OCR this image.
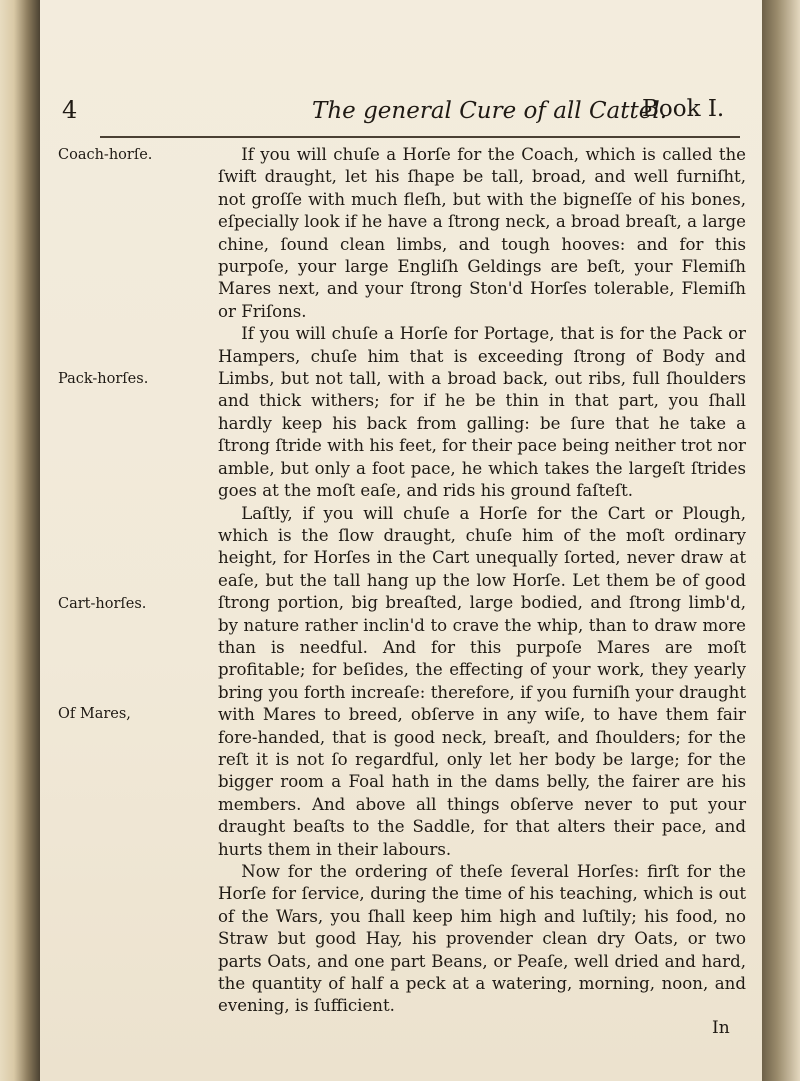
4	The general Cure of all Cattel.
Book I.
Coach-horſe.
Pack-horſes.
Cart-horſes.
Of Mares,

If you will chuſe a Horſe for the Coach, which is called the ſwift draught, let his ſhape be tall, broad, and well furniſht, not groſſe with much fleſh, but with the bigneſſe of his bones, eſpecially look if he have a ſtrong neck, a broad breaſt, a large chine, ſound clean limbs, and tough hooves: and for this purpoſe, your large Engliſh Geldings are beſt, your Flemiſh Mares next, and your ſtrong Ston'd Horſes tolerable, Flemiſh or Friſons.

If you will chuſe a Horſe for Portage, that is for the Pack or Hampers, chuſe him that is exceeding ſtrong of Body and Limbs, but not tall, with a broad back, out ribs, full ſhoulders and thick withers; for if he be thin in that part, you ſhall hardly keep his back from galling: be ſure that he take a ſtrong ſtride with his feet, for their pace being neither trot nor amble, but only a foot pace, he which takes the largeſt ſtrides goes at the moſt eaſe, and rids his ground faſteſt.

Laſtly, if you will chuſe a Horſe for the Cart or Plough, which is the ſlow draught, chuſe him of the moſt ordinary height, for Horſes in the Cart unequally ſorted, never draw at eaſe, but the tall hang up the low Horſe. Let them be of good ſtrong portion, big breaſted, large bodied, and ſtrong limb'd, by nature rather inclin'd to crave the whip, than to draw more than is needful. And for this purpoſe Mares are moſt profitable; for beſides, the effecting of your work, they yearly bring you forth increaſe: therefore, if you furniſh your draught with Mares to breed, obſerve in any wiſe, to have them fair fore-handed, that is good neck, breaſt, and ſhoulders; for the reſt it is not ſo regardful, only let her body be large; for the bigger room a Foal hath in the dams belly, the fairer are his members. And above all things obſerve never to put your draught beaſts to the Saddle, for that alters their pace, and hurts them in their labours.

Now for the ordering of theſe ſeveral Horſes: firſt for the Horſe for ſervice, during the time of his teaching, which is out of the Wars, you ſhall keep him high and luſtily; his food, no Straw but good Hay, his provender clean dry Oats, or two parts Oats, and one part Beans, or Peaſe, well dried and hard, the quantity of half a peck at a watering, morning, noon, and evening, is ſufficient.

In
